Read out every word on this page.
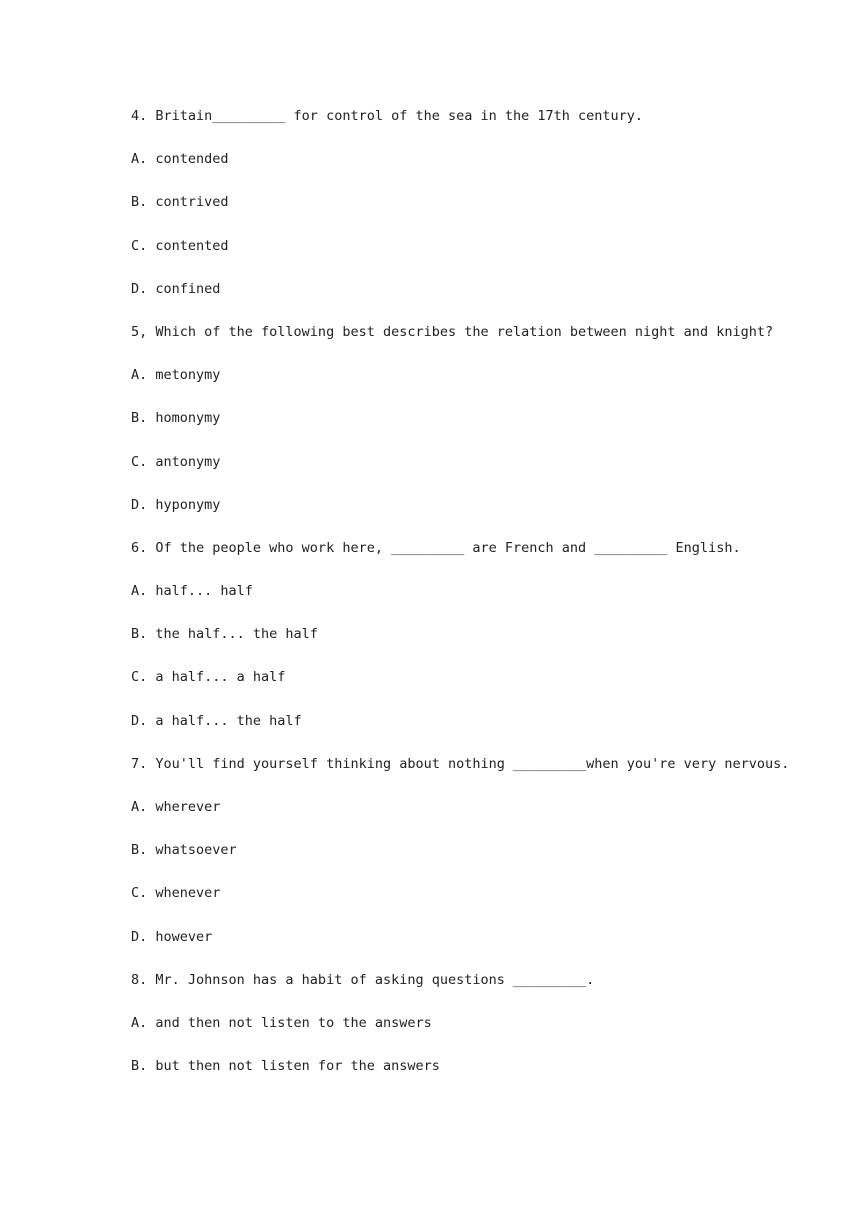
4. Britain_________ for control of the sea in the 17th century.
A. contended
B. contrived
C. contented
D. confined
5, Which of the following best describes the relation between night and knight?
A. metonymy
B. homonymy
C. antonymy
D. hyponymy
6. Of the people who work here, _________ are French and _________ English.
A. half... half
B. the half... the half
C. a half... a half
D. a half... the half
7. You'll find yourself thinking about nothing _________when you're very nervous.
A. wherever
B. whatsoever
C. whenever
D. however
8. Mr. Johnson has a habit of asking questions _________.
A. and then not listen to the answers
B. but then not listen for the answers
